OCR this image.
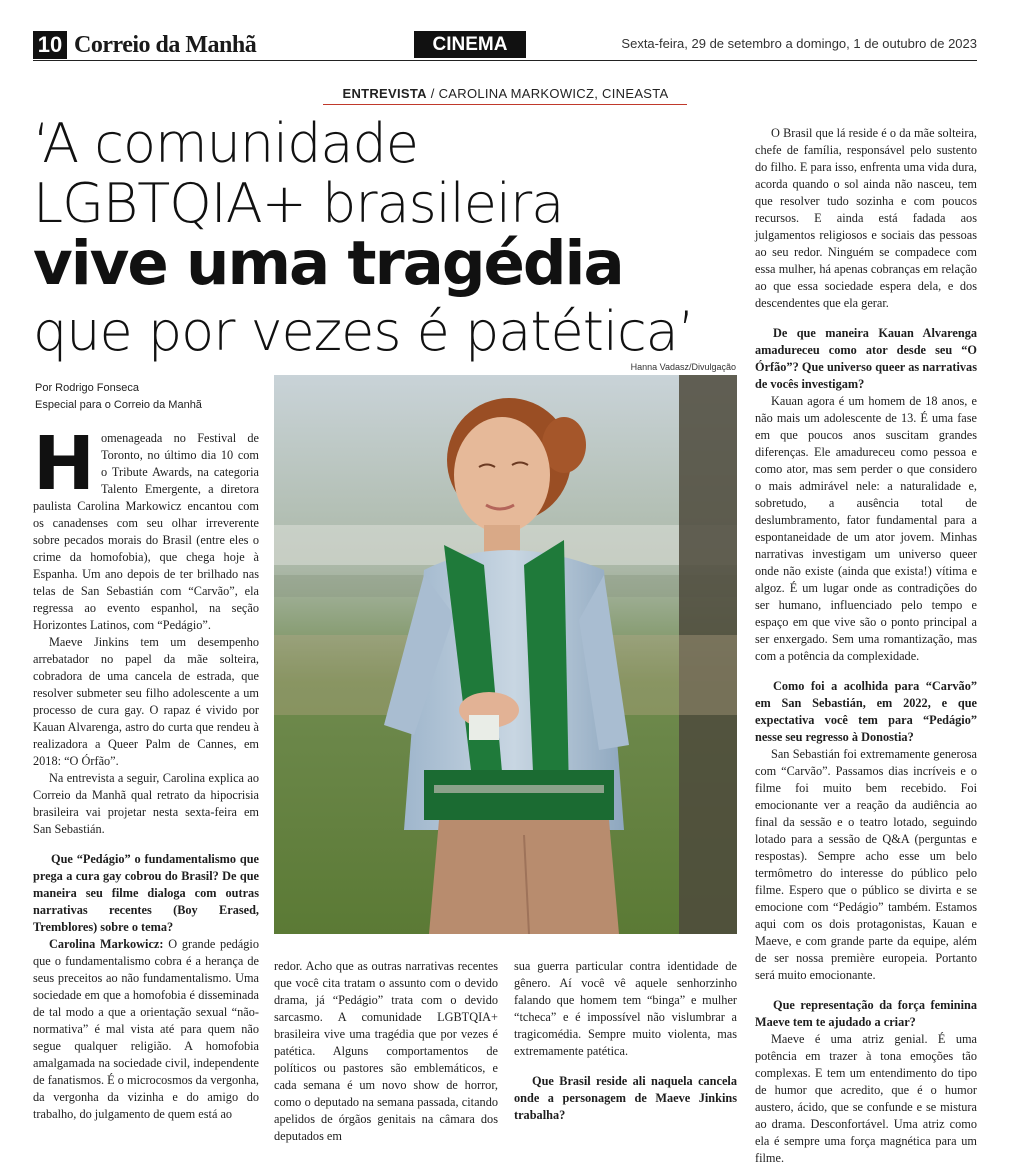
10 Correio da Manhã	CINEMA	Sexta-feira, 29 de setembro a domingo, 1 de outubro de 2023
ENTREVISTA / CAROLINA MARKOWICZ, CINEASTA
‘A comunidade
LGBTQIA+ brasileira
vive uma tragédia
que por vezes é patética’
Por Rodrigo Fonseca
Especial para o Correio da Manhã
Hanna Vadasz/Divulgação
H omenageada no Festival de Toronto, no último dia 10 com o Tribute Awards, na categoria Talento Emergente, a diretora paulista Carolina Markowicz encantou com os canadenses com seu olhar irreverente sobre pecados morais do Brasil (entre eles o crime da homofobia), que chega hoje à Espanha. Um ano depois de ter brilhado nas telas de San Sebastián com “Carvão”, ela regressa ao evento espanhol, na seção Horizontes Latinos, com “Pedágio”.

Maeve Jinkins tem um desempenho arrebatador no papel da mãe solteira, cobradora de uma cancela de estrada, que resolver submeter seu filho adolescente a um processo de cura gay. O rapaz é vivido por Kauan Alvarenga, astro do curta que rendeu à realizadora a Queer Palm de Cannes, em 2018: “O Órfão”.

Na entrevista a seguir, Carolina explica ao Correio da Manhã qual retrato da hipocrisia brasileira vai projetar nesta sexta-feira em San Sebastián.

Que “Pedágio” o fundamentalismo que prega a cura gay cobrou do Brasil? De que maneira seu filme dialoga com outras narrativas recentes (Boy Erased, Tremblores) sobre o tema?

Carolina Markowicz: O grande pedágio que o fundamentalismo cobra é a herança de seus preceitos ao não fundamentalismo. Uma sociedade em que a homofobia é disseminada de tal modo a que a orientação sexual “não-normativa” é mal vista até para quem não segue qualquer religião. A homofobia amalgamada na sociedade civil, independente de fanatismos. É o microcosmos da vergonha, da vergonha da vizinha e do amigo do trabalho, do julgamento de quem está ao

redor. Acho que as outras narrativas recentes que você cita tratam o assunto com o devido drama, já “Pedágio” trata com o devido sarcasmo. A comunidade LGBTQIA+ brasileira vive uma tragédia que por vezes é patética. Alguns comportamentos de políticos ou pastores são emblemáticos, e cada semana é um novo show de horror, como o deputado na semana passada, citando apelidos de órgãos genitais na câmara dos deputados em

sua guerra particular contra identidade de gênero. Aí você vê aquele senhorzinho falando que homem tem “binga” e mulher “tcheca” e é impossível não vislumbrar a tragicomédia. Sempre muito violenta, mas extremamente patética.

Que Brasil reside ali naquela cancela onde a personagem de Maeve Jinkins trabalha?

O Brasil que lá reside é o da mãe solteira, chefe de família, responsável pelo sustento do filho. E para isso, enfrenta uma vida dura, acorda quando o sol ainda não nasceu, tem que resolver tudo sozinha e com poucos recursos. E ainda está fadada aos julgamentos religiosos e sociais das pessoas ao seu redor. Ninguém se compadece com essa mulher, há apenas cobranças em relação ao que essa sociedade espera dela, e dos descendentes que ela gerar.

De que maneira Kauan Alvarenga amadureceu como ator desde seu “O Órfão”? Que universo queer as narrativas de vocês investigam?

Kauan agora é um homem de 18 anos, e não mais um adolescente de 13. É uma fase em que poucos anos suscitam grandes diferenças. Ele amadureceu como pessoa e como ator, mas sem perder o que considero o mais admirável nele: a naturalidade e, sobretudo, a ausência total de deslumbramento, fator fundamental para a espontaneidade de um ator jovem. Minhas narrativas investigam um universo queer onde não existe (ainda que exista!) vítima e algoz. É um lugar onde as contradições do ser humano, influenciado pelo tempo e espaço em que vive são o ponto principal a ser enxergado. Sem uma romantização, mas com a potência da complexidade.

Como foi a acolhida para “Carvão” em San Sebastián, em 2022, e que expectativa você tem para “Pedágio” nesse seu regresso à Donostia?

San Sebastián foi extremamente generosa com “Carvão”. Passamos dias incríveis e o filme foi muito bem recebido. Foi emocionante ver a reação da audiência ao final da sessão e o teatro lotado, seguindo lotado para a sessão de Q&A (perguntas e respostas). Sempre acho esse um belo termômetro do interesse do público pelo filme. Espero que o público se divirta e se emocione com “Pedágio” também. Estamos aqui com os dois protagonistas, Kauan e Maeve, e com grande parte da equipe, além de ser nossa première europeia. Portanto será muito emocionante.

Que representação da força feminina Maeve tem te ajudado a criar?

Maeve é uma atriz genial. É uma potência em trazer à tona emoções tão complexas. E tem um entendimento do tipo de humor que acredito, que é o humor austero, ácido, que se confunde e se mistura ao drama. Desconfortável. Uma atriz como ela é sempre uma força magnética para um filme.
